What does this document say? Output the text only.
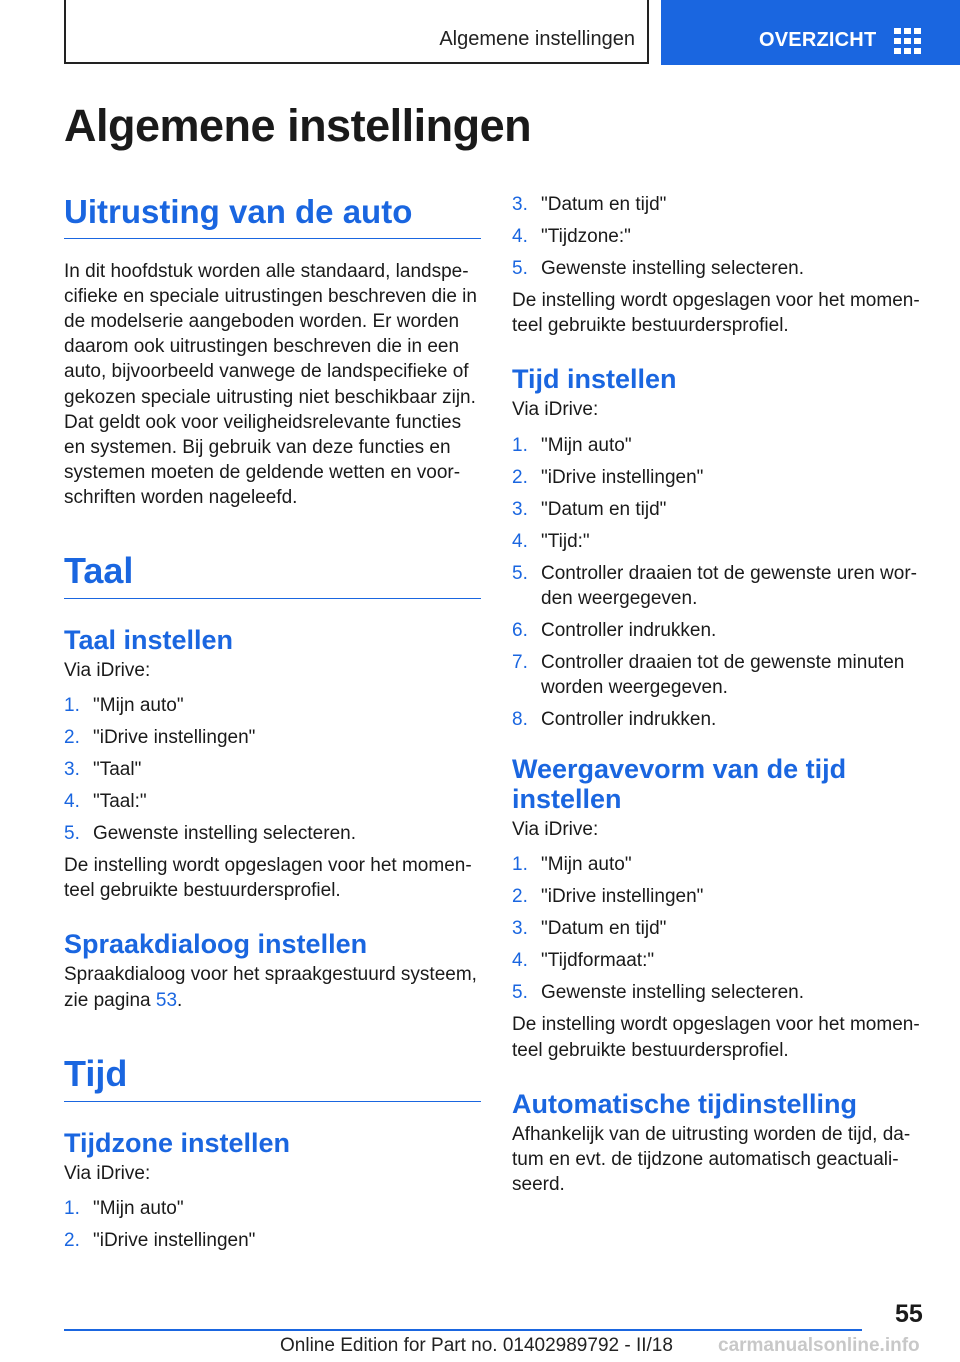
Algemene instellingen	OVERZICHT
Algemene instellingen
Uitrusting van de auto
In dit hoofdstuk worden alle standaard, landspe‐
cifieke en speciale uitrustingen beschreven die in
de modelserie aangeboden worden. Er worden
daarom ook uitrustingen beschreven die in een
auto, bijvoorbeeld vanwege de landspecifieke of
gekozen speciale uitrusting niet beschikbaar zijn.
Dat geldt ook voor veiligheidsrelevante functies
en systemen. Bij gebruik van deze functies en
systemen moeten de geldende wetten en voor‐
schriften worden nageleefd.
Taal
Taal instellen
Via iDrive:
1. "Mijn auto"
2. "iDrive instellingen"
3. "Taal"
4. "Taal:"
5. Gewenste instelling selecteren.
De instelling wordt opgeslagen voor het momen‐
teel gebruikte bestuurdersprofiel.
Spraakdialoog instellen
Spraakdialoog voor het spraakgestuurd systeem,
zie pagina 53.
Tijd
Tijdzone instellen
Via iDrive:
1. "Mijn auto"
2. "iDrive instellingen"
3. "Datum en tijd"
4. "Tijdzone:"
5. Gewenste instelling selecteren.
De instelling wordt opgeslagen voor het momen‐
teel gebruikte bestuurdersprofiel.
Tijd instellen
Via iDrive:
1. "Mijn auto"
2. "iDrive instellingen"
3. "Datum en tijd"
4. "Tijd:"
5. Controller draaien tot de gewenste uren wor‐ den weergegeven.
6. Controller indrukken.
7. Controller draaien tot de gewenste minuten worden weergegeven.
8. Controller indrukken.
Weergavevorm van de tijd
instellen
Via iDrive:
1. "Mijn auto"
2. "iDrive instellingen"
3. "Datum en tijd"
4. "Tijdformaat:"
5. Gewenste instelling selecteren.
De instelling wordt opgeslagen voor het momen‐
teel gebruikte bestuurdersprofiel.
Automatische tijdinstelling
Afhankelijk van de uitrusting worden de tijd, da‐
tum en evt. de tijdzone automatisch geactuali‐
seerd.
55
Online Edition for Part no. 01402989792 - II/18 carmanualsonline.info
